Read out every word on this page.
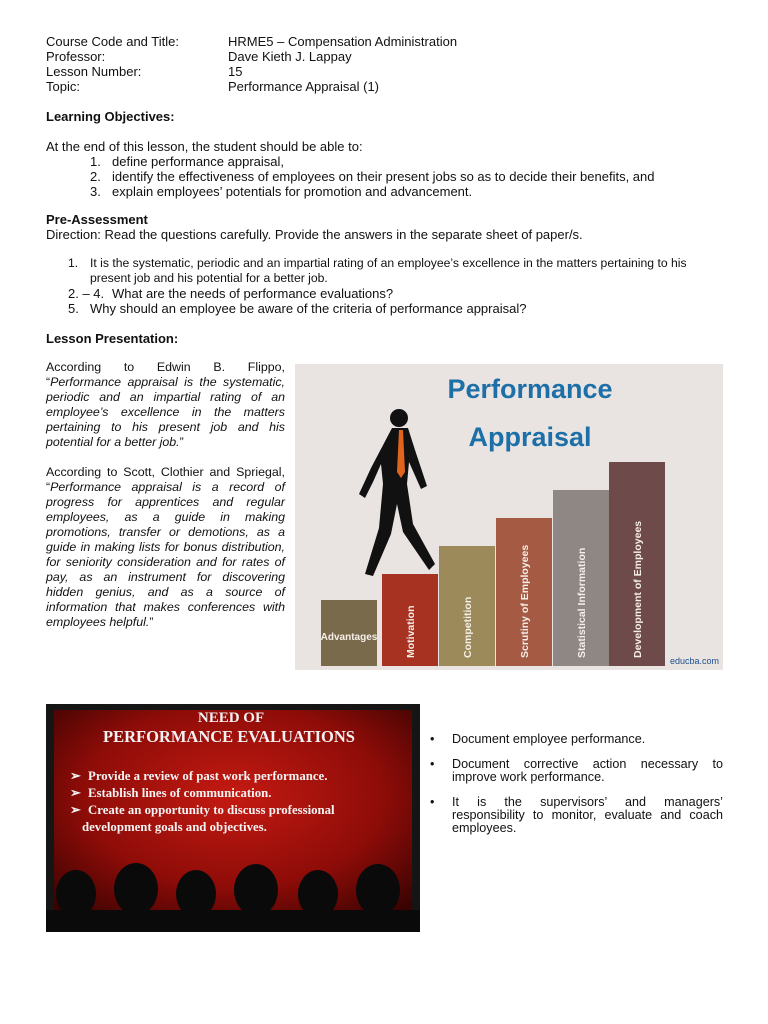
Course Code and Title:	HRME5 – Compensation Administration
Professor:	Dave Kieth J. Lappay
Lesson Number:	15
Topic:	Performance Appraisal (1)
Learning Objectives:
At the end of this lesson, the student should be able to:
1. define performance appraisal,
2. identify the effectiveness of employees on their present jobs so as to decide their benefits, and
3. explain employees’ potentials for promotion and advancement.
Pre-Assessment
Direction: Read the questions carefully. Provide the answers in the separate sheet of paper/s.
1. It is the systematic, periodic and an impartial rating of an employee’s excellence in the matters pertaining to his present job and his potential for a better job.
2. – 4. What are the needs of performance evaluations?
5. Why should an employee be aware of the criteria of performance appraisal?
Lesson Presentation:

According to Edwin B. Flippo, “Performance appraisal is the systematic, periodic and an impartial rating of an employee’s excellence in the matters pertaining to his present job and his potential for a better job.”

According to Scott, Clothier and Spriegal, “Performance appraisal is a record of progress for apprentices and regular employees, as a guide in making promotions, transfer or demotions, as a guide in making lists for bonus distribution, for seniority consideration and for rates of pay, as an instrument for discovering hidden genius, and as a source of information that makes conferences with employees helpful.”

Performance
Appraisal
Advantages	Motivation	Competition	Scrutiny of Employees	Statistical Information	Development of Employees
educba.com
NEED OF
PERFORMANCE EVALUATIONS
➢ Provide a review of past work performance.
➢ Establish lines of communication.
➢ Create an opportunity to discuss professional development goals and objectives.
• Document employee performance.
• Document corrective action necessary to improve work performance.
• It is the supervisors’ and managers’ responsibility to monitor, evaluate and coach employees.
